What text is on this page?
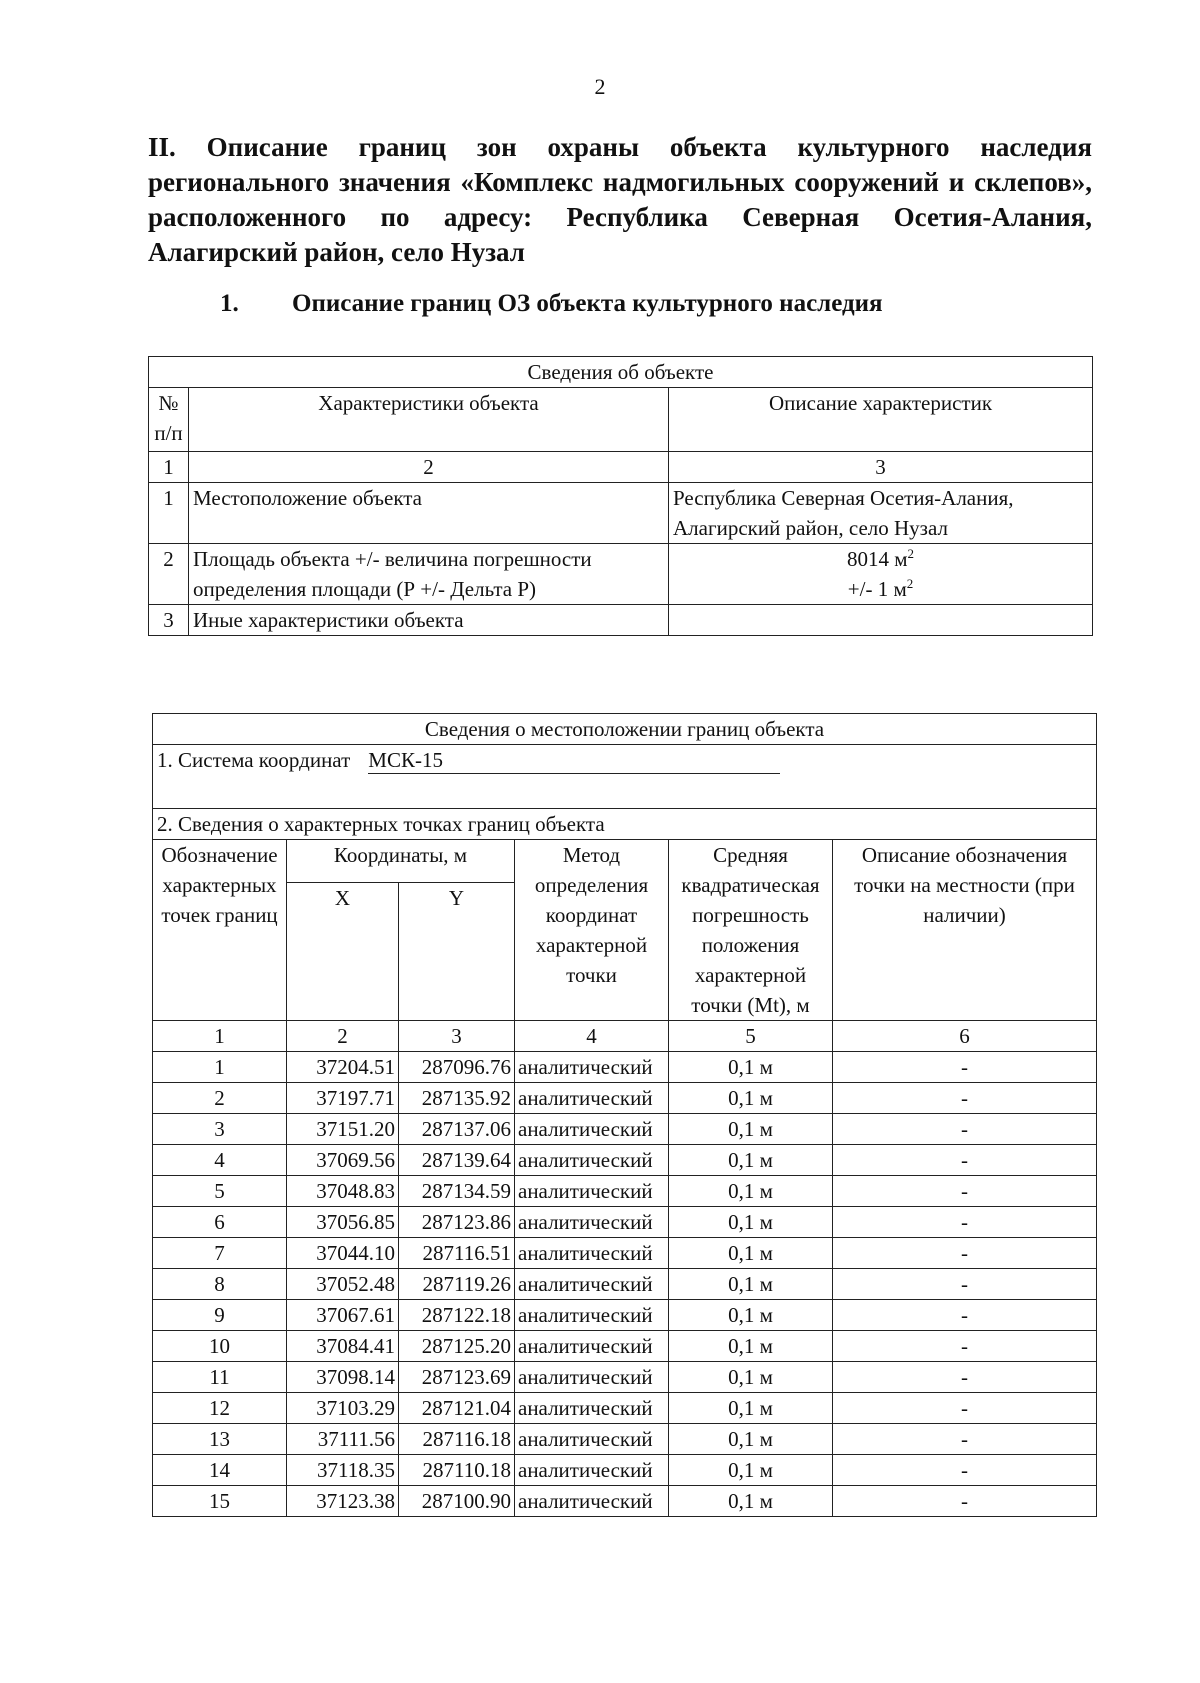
2

II. Описание границ зон охраны объекта культурного наследия регионального значения «Комплекс надмогильных сооружений и склепов», расположенного по адресу: Республика Северная Осетия-Алания, Алагирский район, село Нузал

1. Описание границ ОЗ объекта культурного наследия

Сведения об объекте		
№ п/п	Характеристики объекта	Описание характеристик
1	2	3
1	Местоположение объекта	Республика Северная Осетия-Алания, Алагирский район, село Нузал
2	Площадь объекта +/- величина погрешности определения площади (Р +/- Дельта Р)	8014 $м^2$
+/- 1 $м^2$

3	Иные характеристики объекта	
Сведения о местоположении границ объекта					
1. Система координат МСК-15					
2. Сведения о характерных точках границ объекта					
Обозначение характерных точек границ	Координаты, м		Метод определения координат характерной точки	Средняя квадратическая погрешность положения характерной точки (Mt), м	Описание обозначения точки на местности (при наличии)
	X	Y			
1	2	3	4	5	6
1	37204.51	287096.76	аналитический	0,1 м	-
2	37197.71	287135.92	аналитический	0,1 м	-
3	37151.20	287137.06	аналитический	0,1 м	-
4	37069.56	287139.64	аналитический	0,1 м	-
5	37048.83	287134.59	аналитический	0,1 м	-
6	37056.85	287123.86	аналитический	0,1 м	-
7	37044.10	287116.51	аналитический	0,1 м	-
8	37052.48	287119.26	аналитический	0,1 м	-
9	37067.61	287122.18	аналитический	0,1 м	-
10	37084.41	287125.20	аналитический	0,1 м	-
11	37098.14	287123.69	аналитический	0,1 м	-
12	37103.29	287121.04	аналитический	0,1 м	-
13	37111.56	287116.18	аналитический	0,1 м	-
14	37118.35	287110.18	аналитический	0,1 м	-
15	37123.38	287100.90	аналитический	0,1 м	-
